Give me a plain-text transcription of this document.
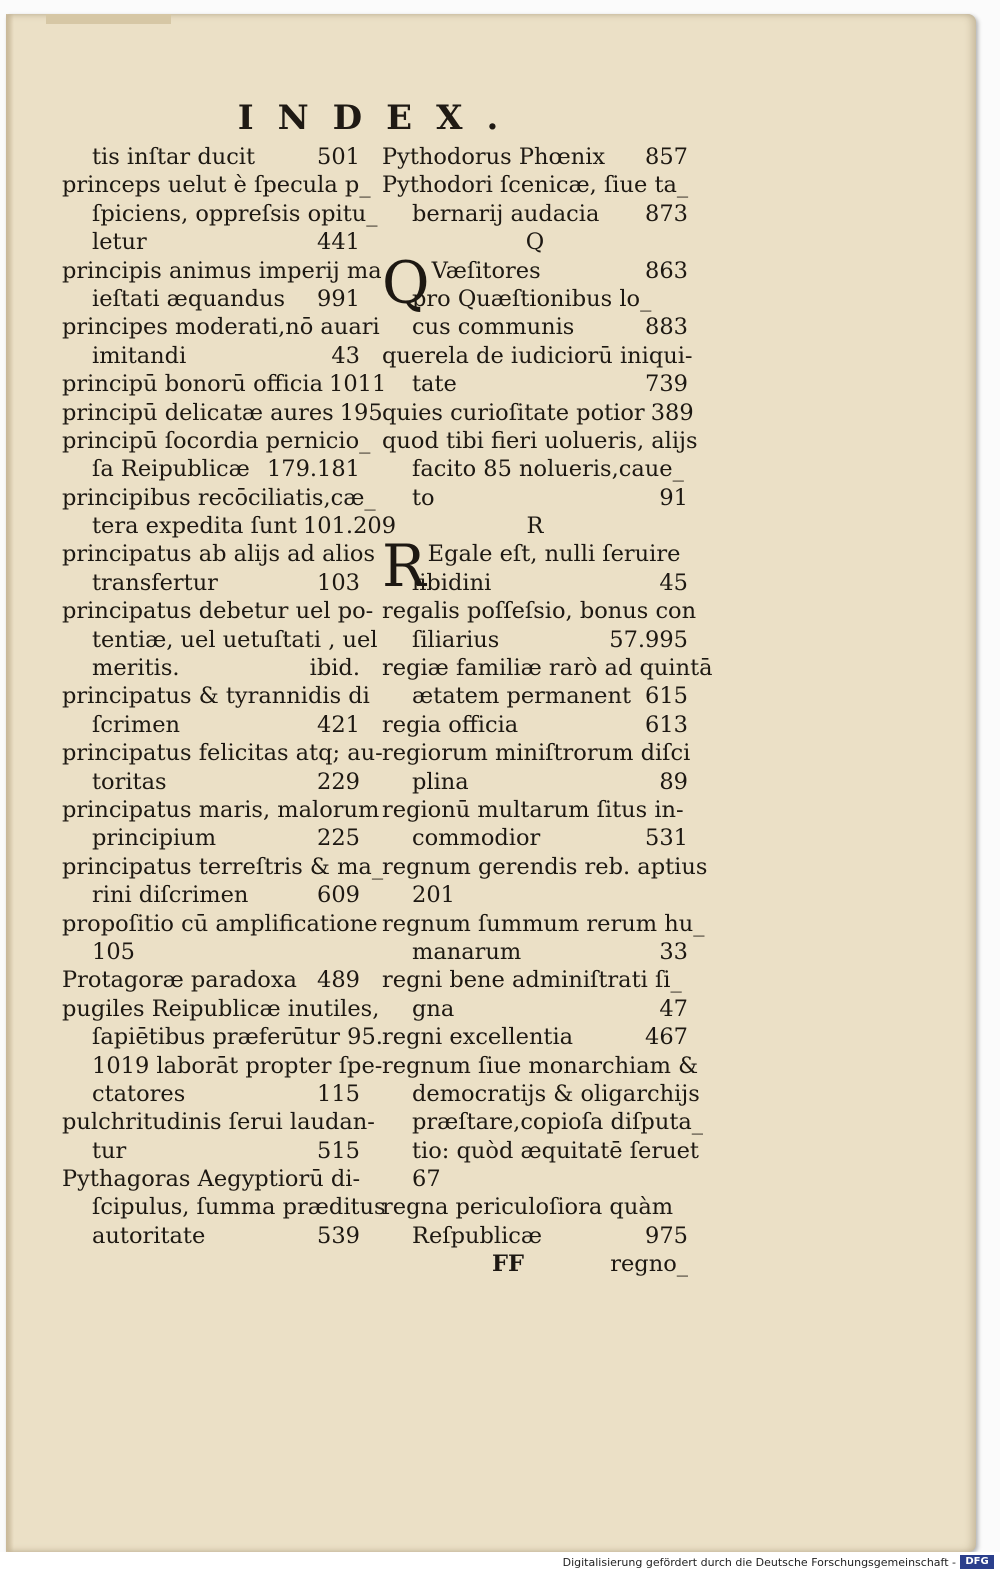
INDEX.
tis inſtar ducit	501
princeps uelut è ſpecula p_
ſpiciens, oppreſsis opitu_
letur	441
principis animus imperij ma
ieſtati æquandus 991
principes moderati,nō auari
imitandi	43
principū bonorū officia 1011
principū delicatæ aures 195
principū ſocordia pernicio_
ſa Reipublicæ 179.181
principibus recōciliatis,cæ_
tera expedita ſunt 101.209
principatus ab alijs ad alios
transfertur	103
principatus debetur uel po-
tentiæ, uel uetuſtati , uel
meritis.	ibid.
principatus & tyrannidis di
ſcrimen	421
principatus felicitas atq; au-
toritas	229
principatus maris, malorum
principium	225
principatus terreſtris & ma_
rini diſcrimen	609
propoſitio cū amplificatione
105
Protagoræ paradoxa 489
pugiles Reipublicæ inutiles,
ſapiētibus præferūtur 95.
1019 laborāt propter ſpe-
ctatores	115
pulchritudinis ſerui laudan-
tur	515
Pythagoras Aegyptiorū di-
ſcipulus, ſumma præditus
autoritate	539
Pythodorus Phœnix 857
Pythodori ſcenicæ, ſiue ta_
bernarij audacia 873
Q
Q Væſitores	863
pro Quæſtionibus lo_
cus communis	883
querela de iudiciorū iniqui-
tate	739
quies curioſitate potior 389
quod tibi fieri uolueris, alijs
facito 85 nolueris,caue_
to	91
R
R Egale eſt, nulli ſeruire
libidini	45
regalis poſſeſsio, bonus con
ſiliarius	57.995
regiæ familiæ rarò ad quintā
ætatem permanent 615
regia officia	613
regiorum miniſtrorum diſci
plina	89
regionū multarum ſitus in-
commodior	531
regnum gerendis reb. aptius
201
regnum ſummum rerum hu_
manarum	33
regni bene adminiſtrati ſi_
gna	47
regni excellentia	467
regnum ſiue monarchiam &
democratijs & oligarchijs
præſtare,copioſa diſputa_
tio: quòd æquitatē ſeruet
67
regna periculoſiora quàm
Reſpublicæ	975
FF	regno_
Digitalisierung gefördert durch die Deutsche Forschungsgemeinschaft - DFG
